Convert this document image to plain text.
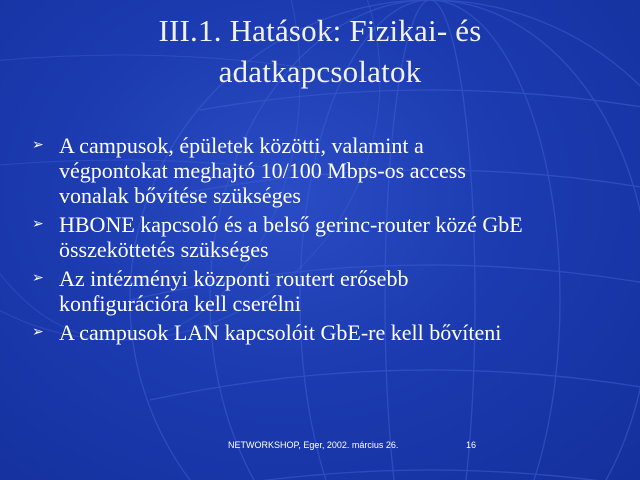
III.1. Hatások: Fizikai- és
adatkapcsolatok
➢ A campusok, épületek közötti, valamint a
végpontokat meghajtó 10/100 Mbps-os access
vonalak bővítése szükséges
➢ HBONE kapcsoló és a belső gerinc-router közé GbE
összeköttetés szükséges
➢ Az intézményi központi routert erősebb
konfigurációra kell cserélni
➢ A campusok LAN kapcsolóit GbE-re kell bővíteni
NETWORKSHOP, Eger, 2002. március 26.	16
